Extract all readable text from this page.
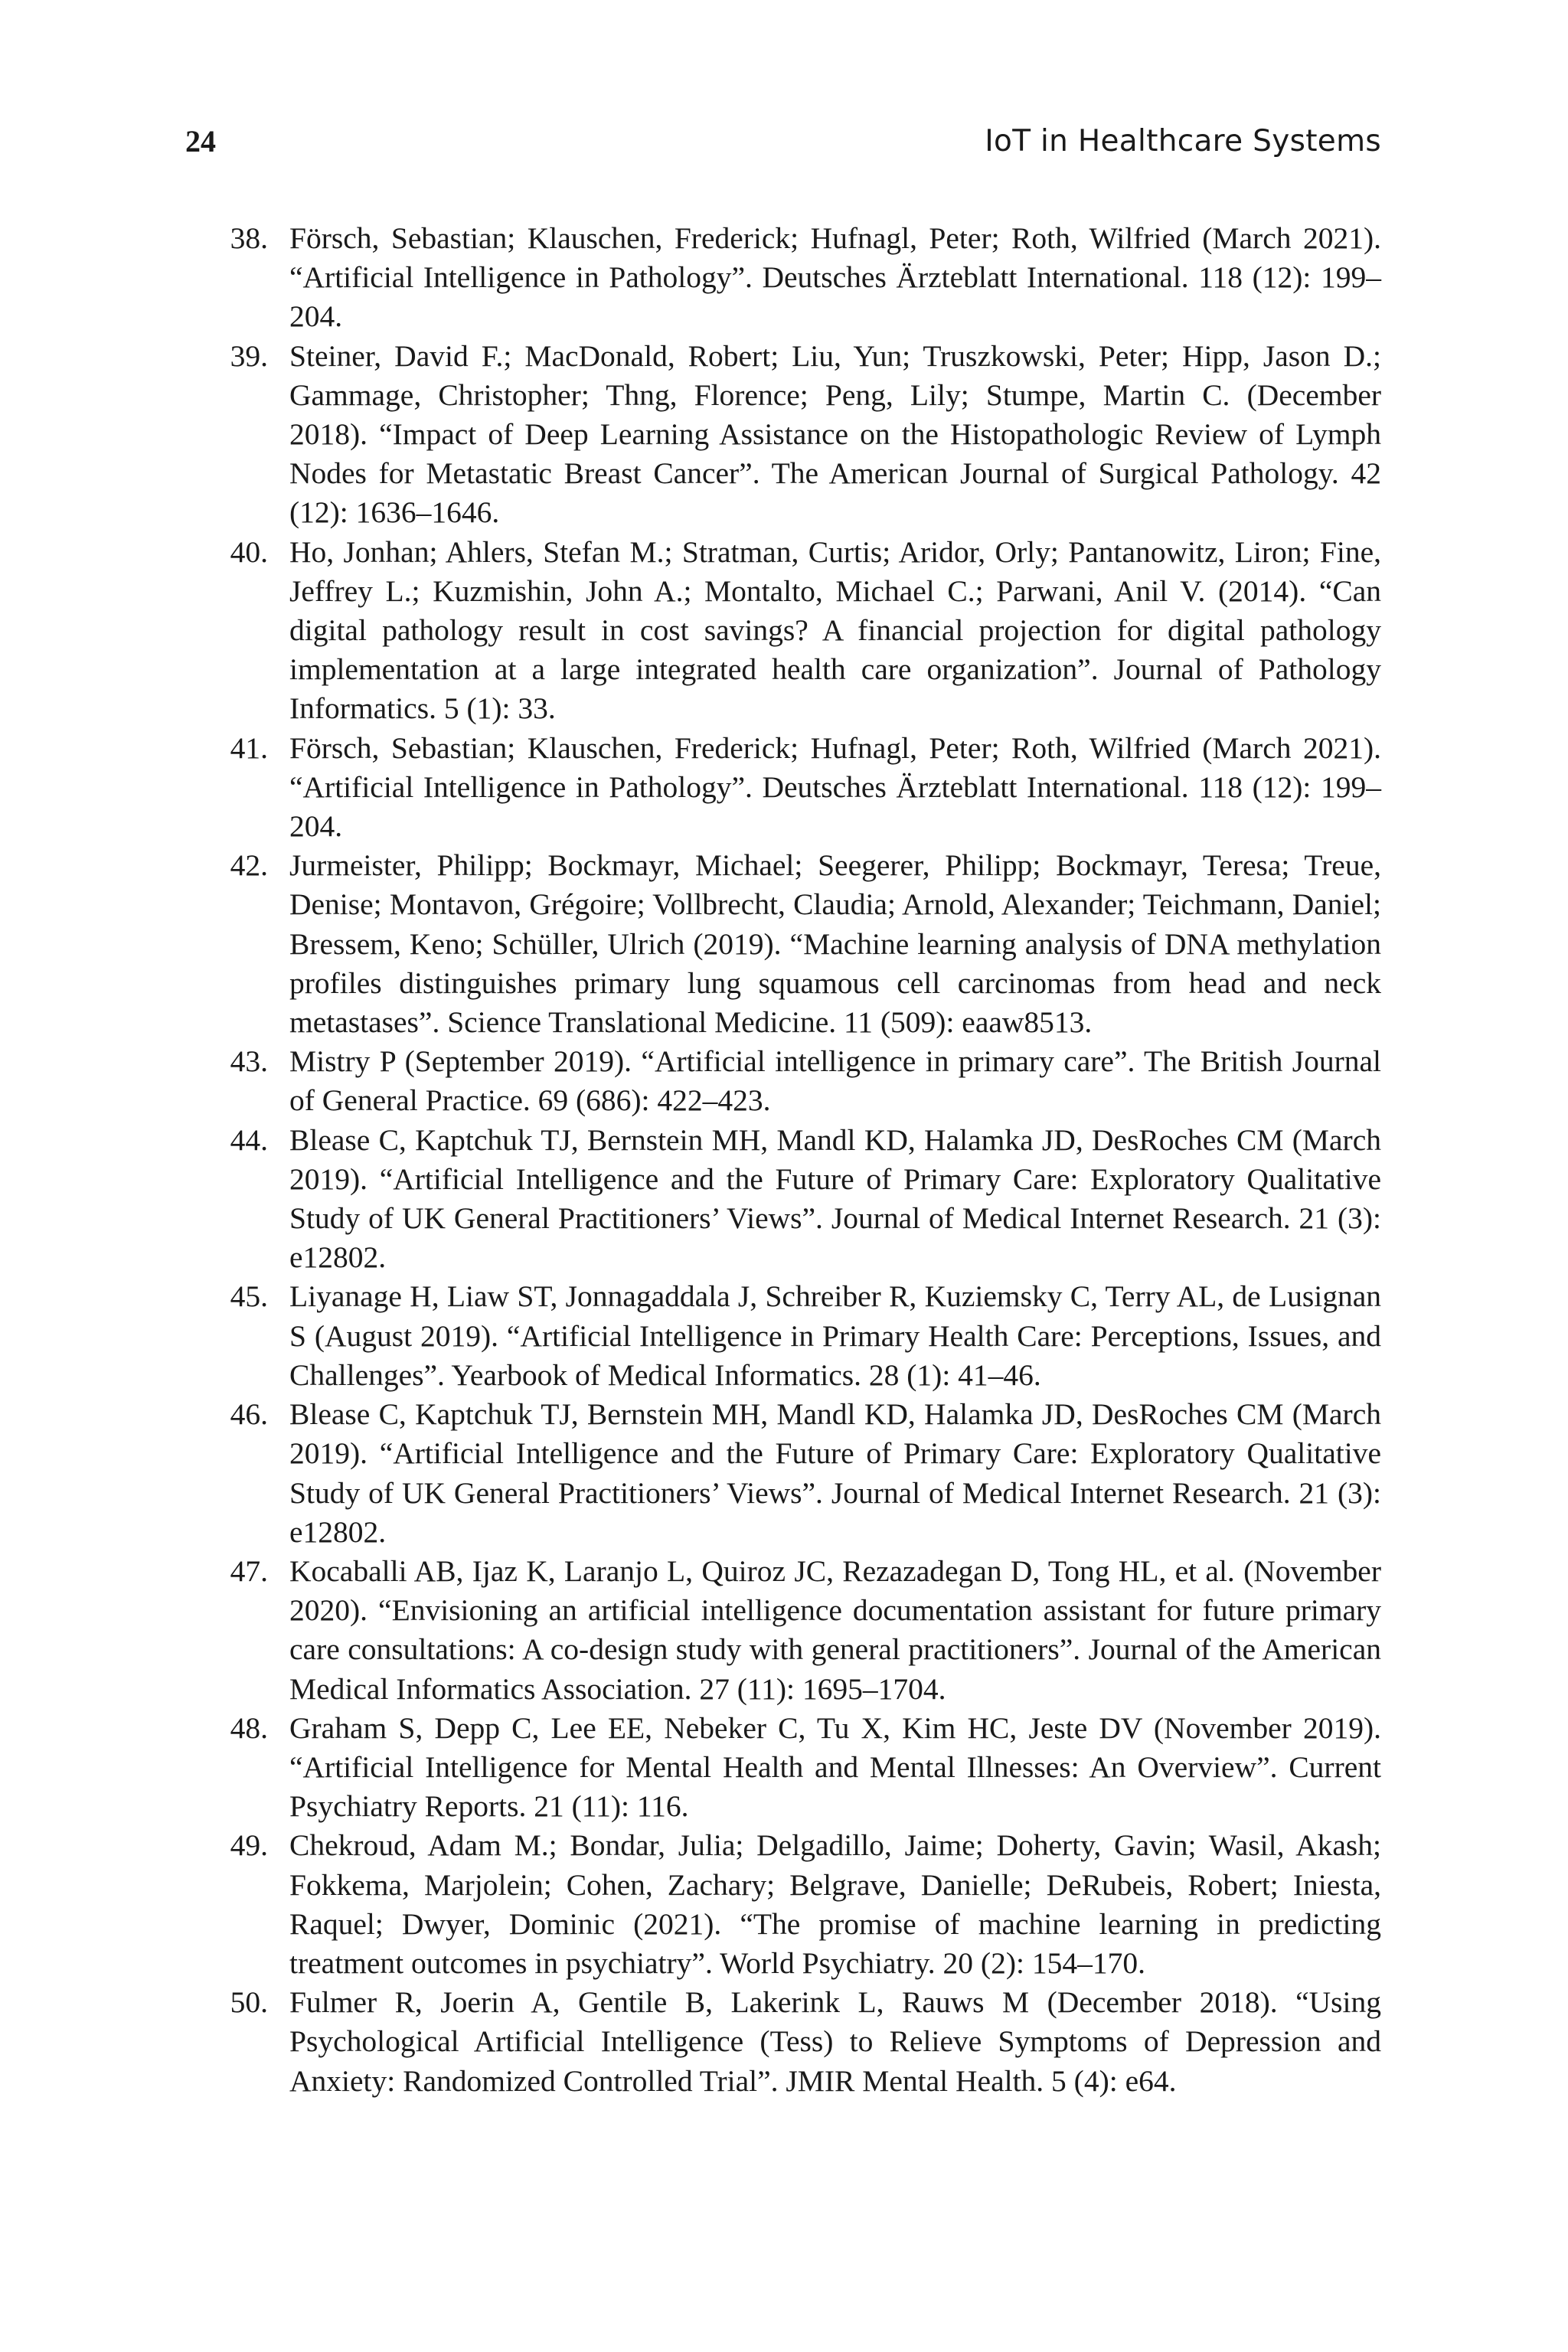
24	IoT in Healthcare Systems
38. Försch, Sebastian; Klauschen, Frederick; Hufnagl, Peter; Roth, Wilfried (March 2021). “Artificial Intelligence in Pathology”. Deutsches Ärzteblatt International. 118 (12): 199–204.
39. Steiner, David F.; MacDonald, Robert; Liu, Yun; Truszkowski, Peter; Hipp, Jason D.; Gammage, Christopher; Thng, Florence; Peng, Lily; Stumpe, Martin C. (December 2018). “Impact of Deep Learning Assistance on the Histopathologic Review of Lymph Nodes for Metastatic Breast Cancer”. The American Journal of Surgical Pathology. 42 (12): 1636–1646.
40. Ho, Jonhan; Ahlers, Stefan M.; Stratman, Curtis; Aridor, Orly; Pantanowitz, Liron; Fine, Jeffrey L.; Kuzmishin, John A.; Montalto, Michael C.; Parwani, Anil V. (2014). “Can digital pathology result in cost savings? A financial projection for digital pathology implementation at a large integrated health care organization”. Journal of Pathology Informatics. 5 (1): 33.
41. Försch, Sebastian; Klauschen, Frederick; Hufnagl, Peter; Roth, Wilfried (March 2021). “Artificial Intelligence in Pathology”. Deutsches Ärzteblatt International. 118 (12): 199–204.
42. Jurmeister, Philipp; Bockmayr, Michael; Seegerer, Philipp; Bockmayr, Teresa; Treue, Denise; Montavon, Grégoire; Vollbrecht, Claudia; Arnold, Alexander; Teichmann, Daniel; Bressem, Keno; Schüller, Ulrich (2019). “Machine learning analysis of DNA methylation profiles distinguishes primary lung squamous cell carcinomas from head and neck metastases”. Science Translational Medicine. 11 (509): eaaw8513.
43. Mistry P (September 2019). “Artificial intelligence in primary care”. The British Journal of General Practice. 69 (686): 422–423.
44. Blease C, Kaptchuk TJ, Bernstein MH, Mandl KD, Halamka JD, DesRoches CM (March 2019). “Artificial Intelligence and the Future of Primary Care: Exploratory Qualitative Study of UK General Practitioners’ Views”. Journal of Medical Internet Research. 21 (3): e12802.
45. Liyanage H, Liaw ST, Jonnagaddala J, Schreiber R, Kuziemsky C, Terry AL, de Lusignan S (August 2019). “Artificial Intelligence in Primary Health Care: Perceptions, Issues, and Challenges”. Yearbook of Medical Informatics. 28 (1): 41–46.
46. Blease C, Kaptchuk TJ, Bernstein MH, Mandl KD, Halamka JD, DesRoches CM (March 2019). “Artificial Intelligence and the Future of Primary Care: Exploratory Qualitative Study of UK General Practitioners’ Views”. Journal of Medical Internet Research. 21 (3): e12802.
47. Kocaballi AB, Ijaz K, Laranjo L, Quiroz JC, Rezazadegan D, Tong HL, et al. (November 2020). “Envisioning an artificial intelligence documentation assistant for future primary care consultations: A co-design study with general practitioners”. Journal of the American Medical Informatics Association. 27 (11): 1695–1704.
48. Graham S, Depp C, Lee EE, Nebeker C, Tu X, Kim HC, Jeste DV (November 2019). “Artificial Intelligence for Mental Health and Mental Illnesses: An Overview”. Current Psychiatry Reports. 21 (11): 116.
49. Chekroud, Adam M.; Bondar, Julia; Delgadillo, Jaime; Doherty, Gavin; Wasil, Akash; Fokkema, Marjolein; Cohen, Zachary; Belgrave, Danielle; DeRubeis, Robert; Iniesta, Raquel; Dwyer, Dominic (2021). “The promise of machine learning in predicting treatment outcomes in psychiatry”. World Psychiatry. 20 (2): 154–170.
50. Fulmer R, Joerin A, Gentile B, Lakerink L, Rauws M (December 2018). “Using Psychological Artificial Intelligence (Tess) to Relieve Symptoms of Depression and Anxiety: Randomized Controlled Trial”. JMIR Mental Health. 5 (4): e64.
